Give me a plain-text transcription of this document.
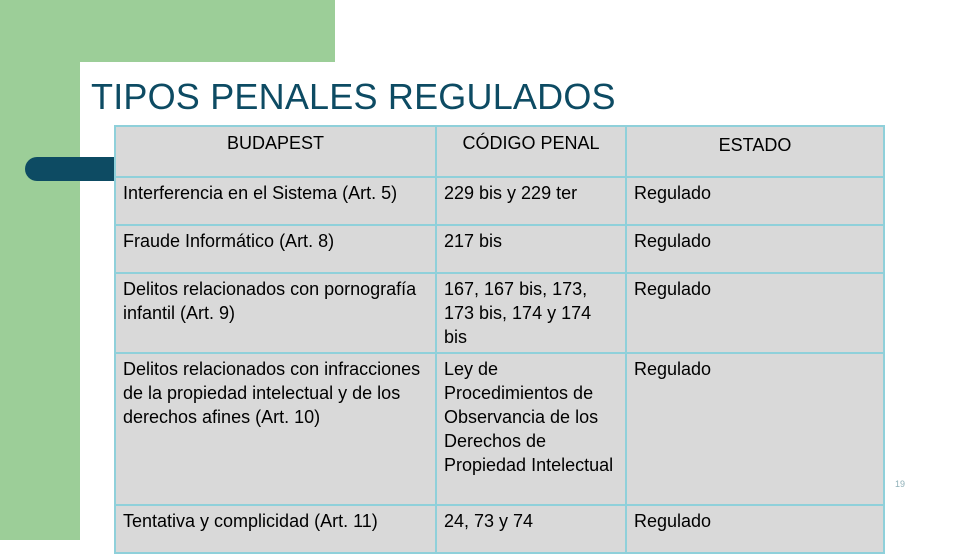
TIPOS PENALES REGULADOS
BUDAPEST	CÓDIGO PENAL	ESTADO
Interferencia en el Sistema (Art. 5)	229 bis y 229 ter	Regulado
Fraude Informático (Art. 8)	217 bis	Regulado
Delitos relacionados con pornografía infantil (Art. 9)	167, 167 bis, 173, 173 bis, 174 y 174 bis	Regulado
Delitos relacionados con infracciones de la propiedad intelectual y de los derechos afines (Art. 10)	Ley de Procedimientos de Observancia de los Derechos de Propiedad Intelectual	Regulado
Tentativa y complicidad (Art. 11)	24, 73 y 74	Regulado
19
